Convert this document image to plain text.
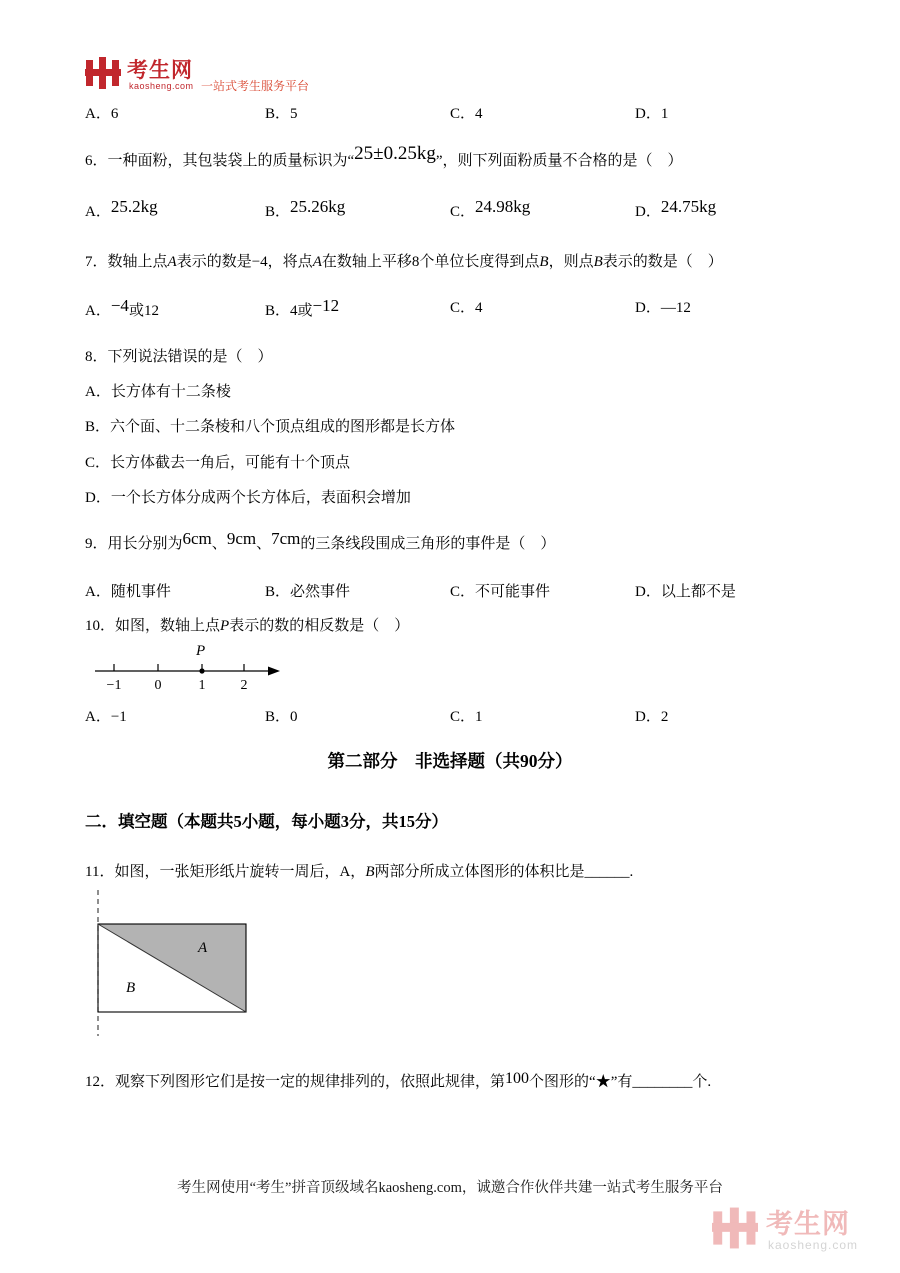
考生网
kaosheng.com 一站式考生服务平台
A．6	B．5	C．4	D．1
6．一种面粉，其包装袋上的质量标识为“25±0.25kg”，则下列面粉质量不合格的是（　）
A．25.2kg	B．25.26kg	C．24.98kg	D．24.75kg
7．数轴上点A表示的数是−4，将点A在数轴上平移8个单位长度得到点B，则点B表示的数是（　）
A．−4或12	B．4或−12	C．4	D．—12
8．下列说法错误的是（　）
A．长方体有十二条棱
B．六个面、十二条棱和八个顶点组成的图形都是长方体
C．长方体截去一角后，可能有十个顶点
D．一个长方体分成两个长方体后，表面积会增加
9．用长分别为6cm、9cm、7cm的三条线段围成三角形的事件是（　）
A．随机事件	B．必然事件	C．不可能事件	D．以上都不是
10．如图，数轴上点P表示的数的相反数是（　）
−1 0	1	2
P
A．−1	B．0	C．1	D．2
第二部分　非选择题（共90分）
二．填空题（本题共5小题，每小题3分，共15分）
11．如图，一张矩形纸片旋转一周后，A，B两部分所成立体图形的体积比是______.
A
B
12．观察下列图形它们是按一定的规律排列的，依照此规律，第100个图形的“★”有________个.
考生网使用“考生”拼音顶级域名kaosheng.com，诚邀合作伙伴共建一站式考生服务平台
考生网
kaosheng.com
